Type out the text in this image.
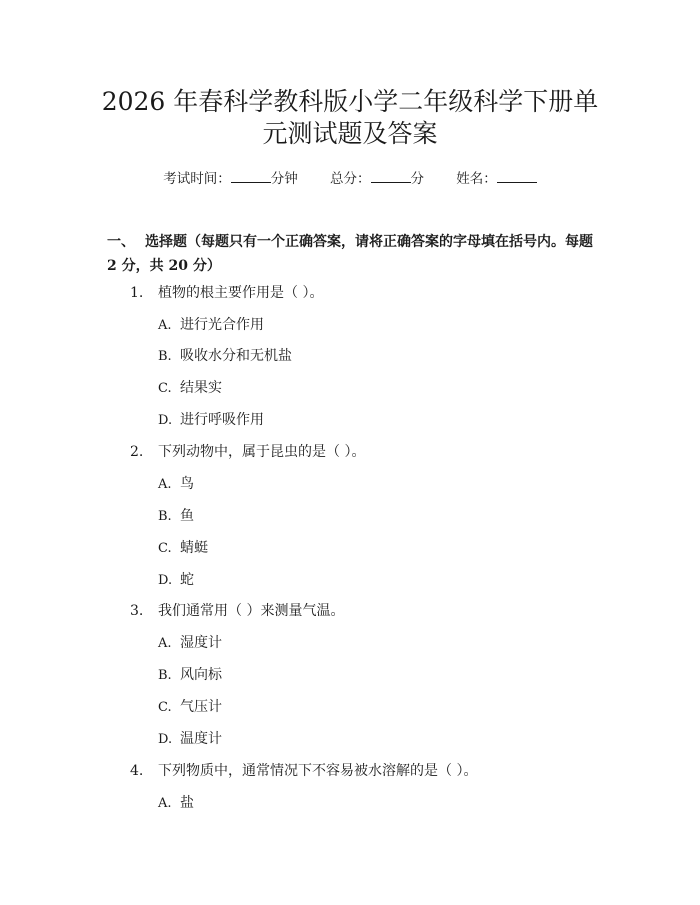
2026 年春科学教科版小学二年级科学下册单
元测试题及答案
考试时间：	分钟 总分：	分 姓名：
一、 选择题（每题只有一个正确答案，请将正确答案的字母填在括号内。每题 2 分，共 20 分）
1. 植物的根主要作用是（ ）。
A. 进行光合作用
B. 吸收水分和无机盐
C. 结果实
D. 进行呼吸作用
2. 下列动物中，属于昆虫的是（ ）。
A. 鸟
B. 鱼
C. 蜻蜓
D. 蛇
3. 我们通常用（ ）来测量气温。
A. 湿度计
B. 风向标
C. 气压计
D. 温度计
4. 下列物质中，通常情况下不容易被水溶解的是（ ）。
A. 盐
